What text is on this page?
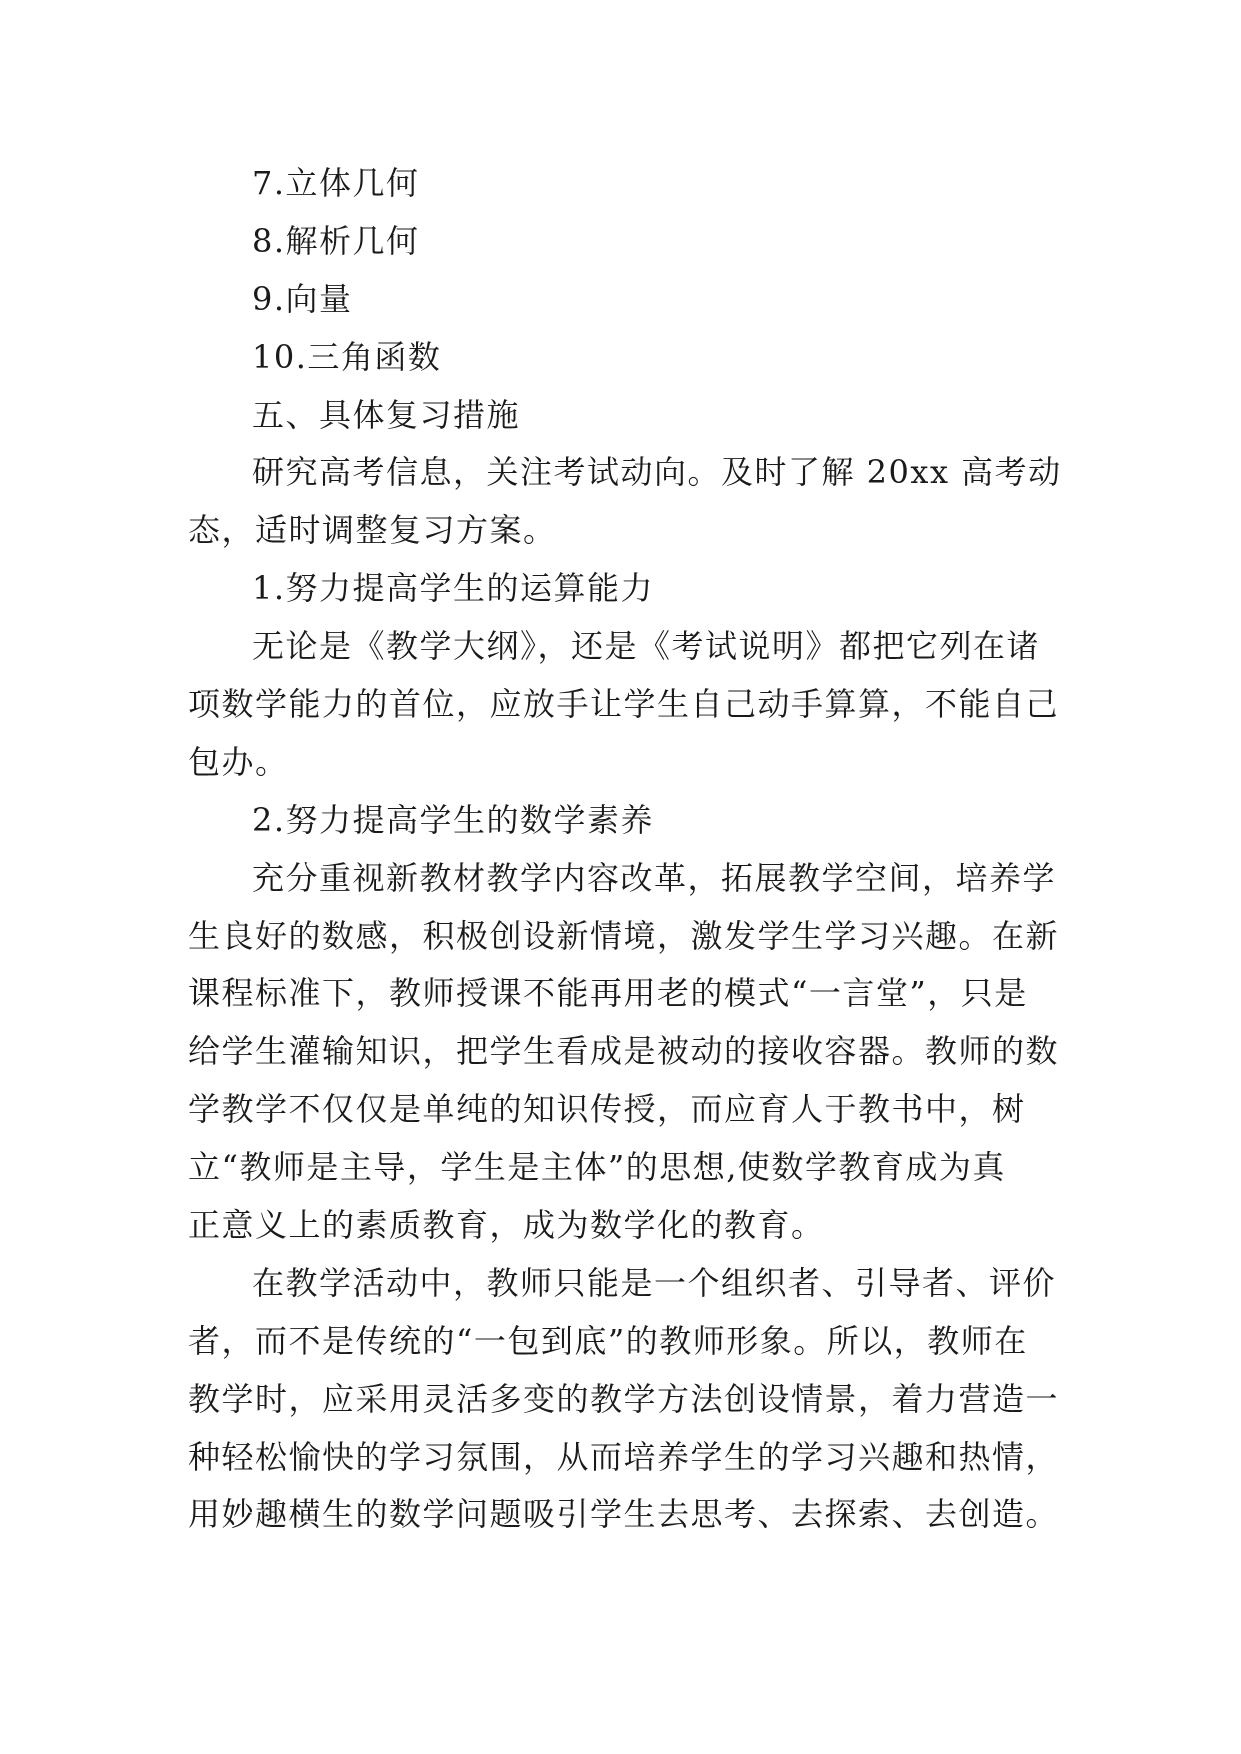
7.立体几何
8.解析几何
9.向量
10.三角函数
五、具体复习措施
研究高考信息，关注考试动向。及时了解 20xx 高考动
态，适时调整复习方案。
1.努力提高学生的运算能力
无论是《教学大纲》，还是《考试说明》都把它列在诸
项数学能力的首位，应放手让学生自己动手算算，不能自己
包办。
2.努力提高学生的数学素养
充分重视新教材教学内容改革，拓展教学空间，培养学
生良好的数感，积极创设新情境，激发学生学习兴趣。在新
课程标准下，教师授课不能再用老的模式“一言堂”，只是
给学生灌输知识，把学生看成是被动的接收容器。教师的数
学教学不仅仅是单纯的知识传授，而应育人于教书中，树
立“教师是主导，学生是主体”的思想,使数学教育成为真
正意义上的素质教育，成为数学化的教育。
在教学活动中，教师只能是一个组织者、引导者、评价
者，而不是传统的“一包到底”的教师形象。所以，教师在
教学时，应采用灵活多变的教学方法创设情景，着力营造一
种轻松愉快的学习氛围，从而培养学生的学习兴趣和热情，
用妙趣横生的数学问题吸引学生去思考、去探索、去创造。
